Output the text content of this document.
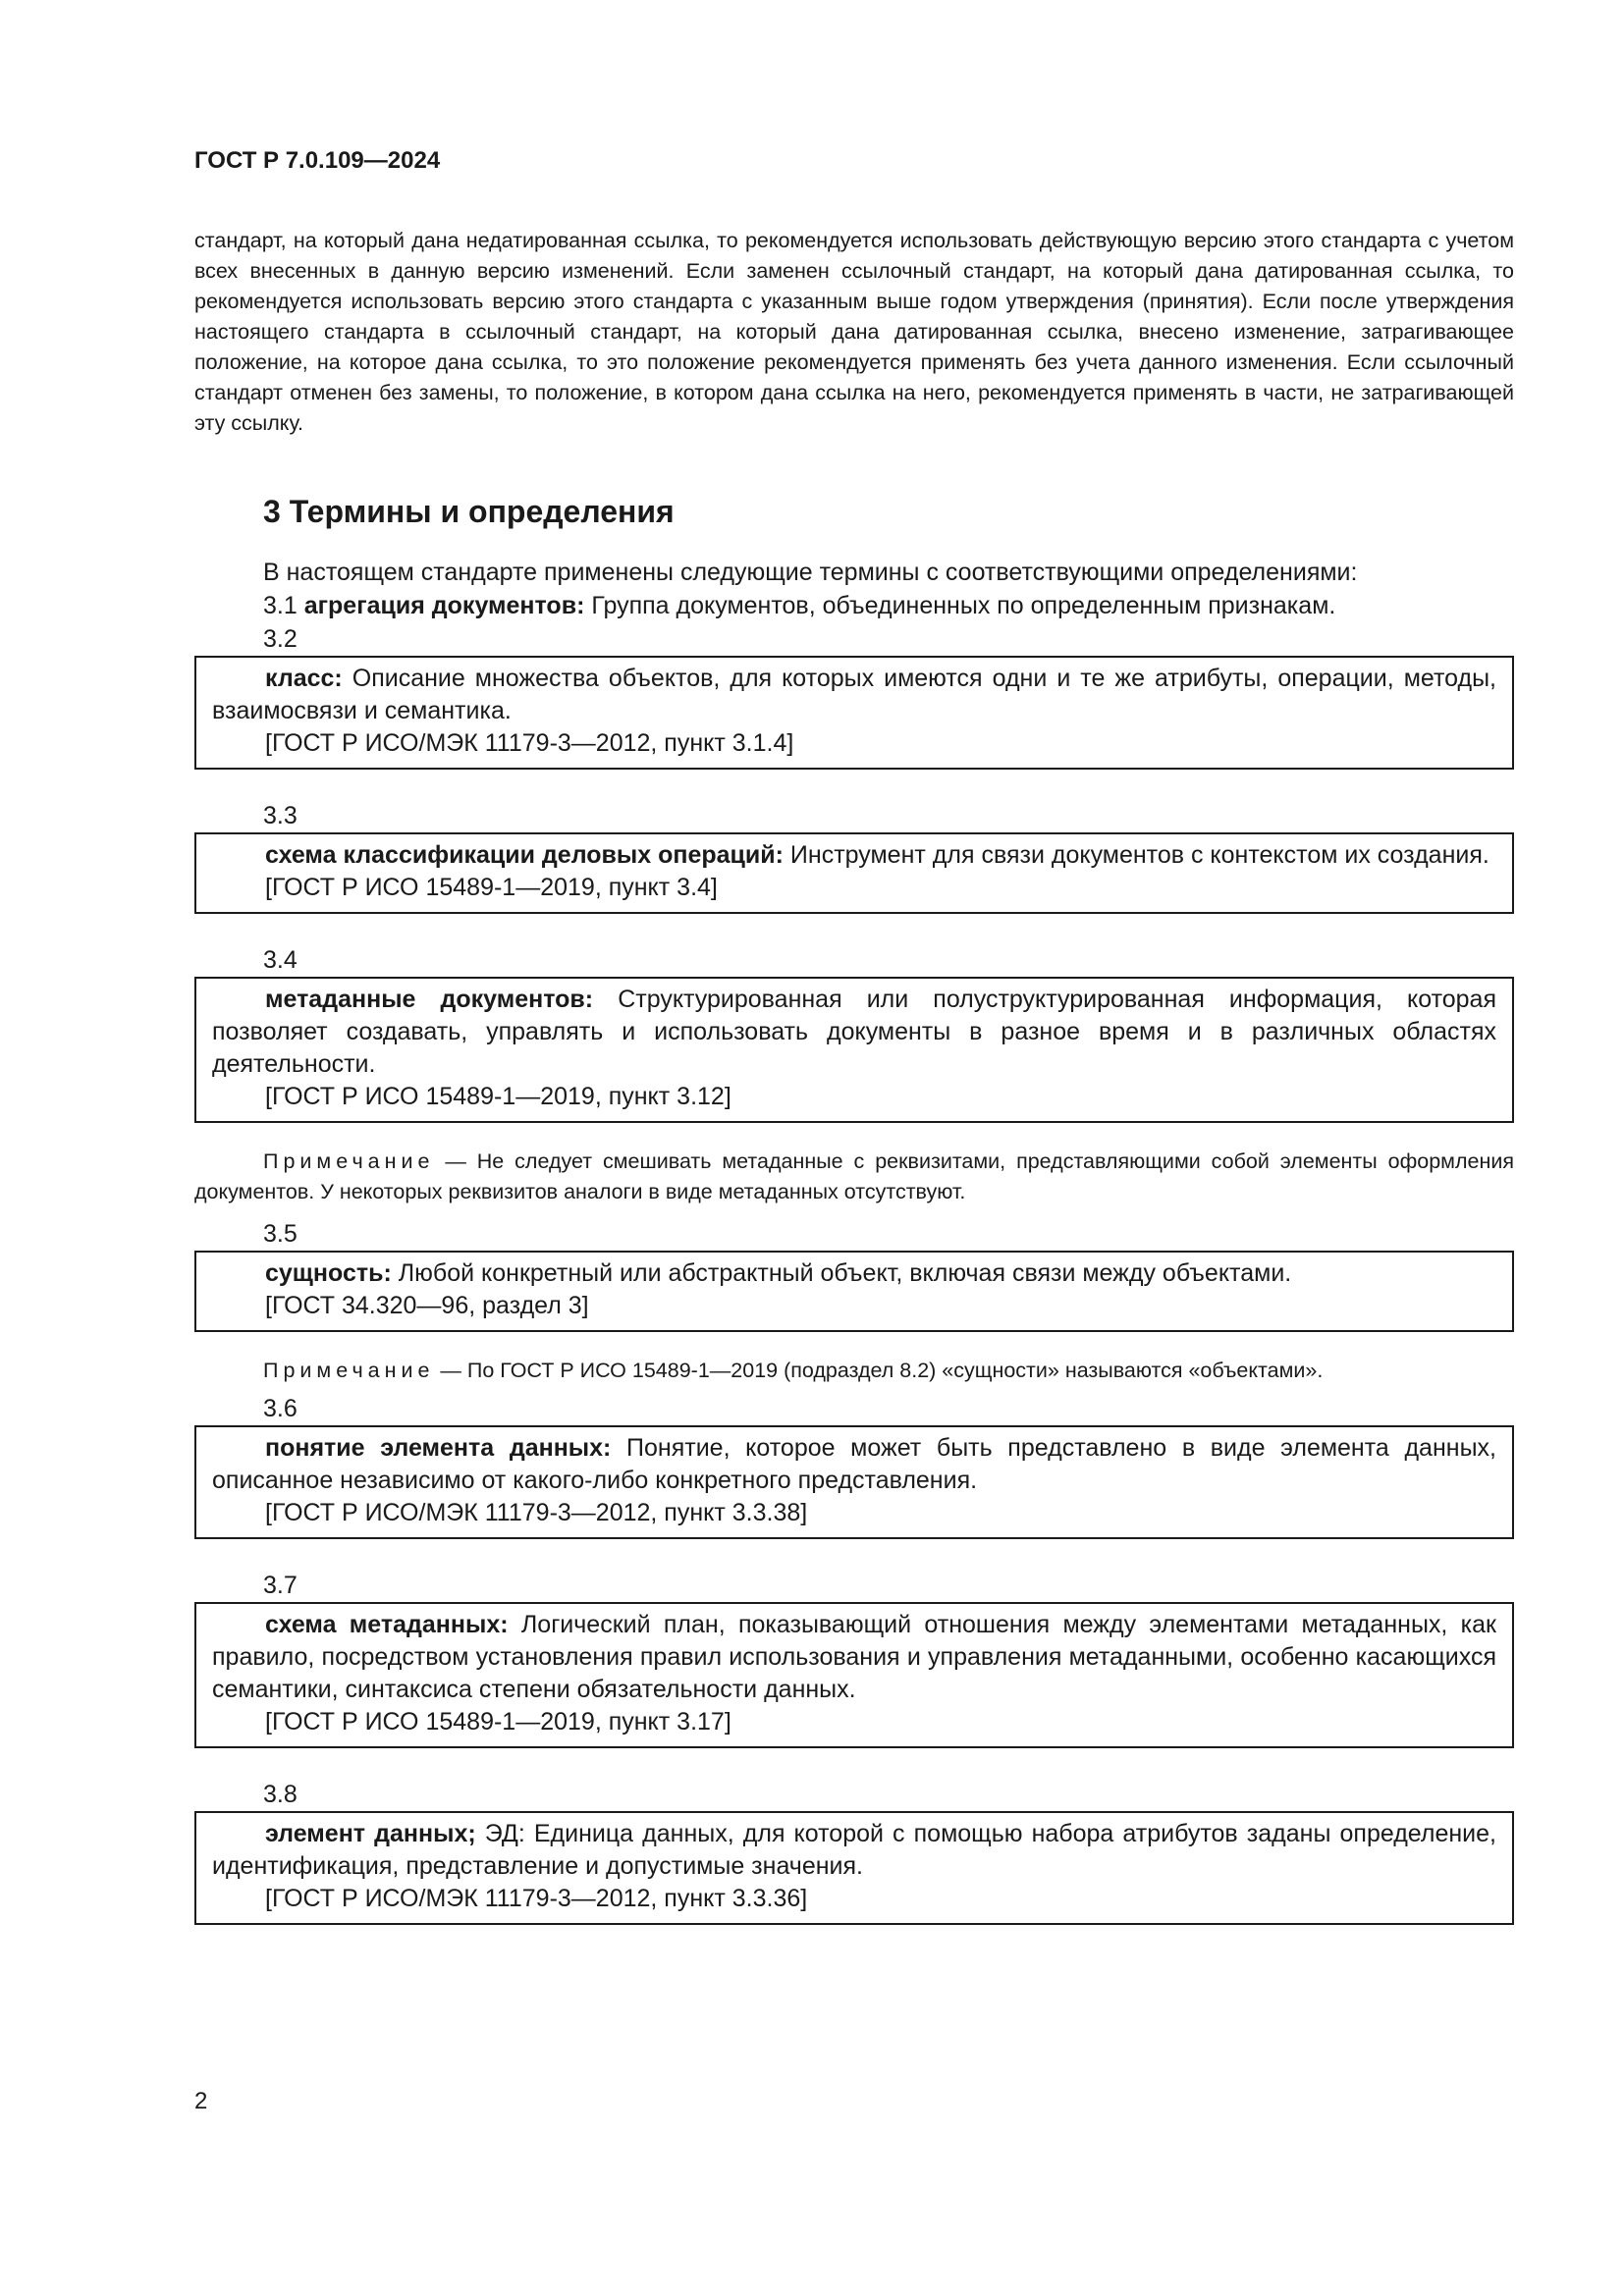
ГОСТ Р 7.0.109—2024

стандарт, на который дана недатированная ссылка, то рекомендуется использовать действующую версию этого стандарта с учетом всех внесенных в данную версию изменений. Если заменен ссылочный стандарт, на который дана датированная ссылка, то рекомендуется использовать версию этого стандарта с указанным выше годом утверждения (принятия). Если после утверждения настоящего стандарта в ссылочный стандарт, на который дана датированная ссылка, внесено изменение, затрагивающее положение, на которое дана ссылка, то это положение рекомендуется применять без учета данного изменения. Если ссылочный стандарт отменен без замены, то положение, в котором дана ссылка на него, рекомендуется применять в части, не затрагивающей эту ссылку.

3 Термины и определения

В настоящем стандарте применены следующие термины с соответствующими определениями:

3.1 агрегация документов: Группа документов, объединенных по определенным признакам.

3.2

класс: Описание множества объектов, для которых имеются одни и те же атрибуты, операции, методы, взаимосвязи и семантика.

[ГОСТ Р ИСО/МЭК 11179-3—2012, пункт 3.1.4]

3.3

схема классификации деловых операций: Инструмент для связи документов с контекстом их создания.

[ГОСТ Р ИСО 15489-1—2019, пункт 3.4]

3.4

метаданные документов: Структурированная или полуструктурированная информация, которая позволяет создавать, управлять и использовать документы в разное время и в различных областях деятельности.

[ГОСТ Р ИСО 15489-1—2019, пункт 3.12]

Примечание — Не следует смешивать метаданные с реквизитами, представляющими собой элементы оформления документов. У некоторых реквизитов аналоги в виде метаданных отсутствуют.

3.5

сущность: Любой конкретный или абстрактный объект, включая связи между объектами.

[ГОСТ 34.320—96, раздел 3]

Примечание — По ГОСТ Р ИСО 15489-1—2019 (подраздел 8.2) «сущности» называются «объектами».

3.6

понятие элемента данных: Понятие, которое может быть представлено в виде элемента данных, описанное независимо от какого-либо конкретного представления.

[ГОСТ Р ИСО/МЭК 11179-3—2012, пункт 3.3.38]

3.7

схема метаданных: Логический план, показывающий отношения между элементами метаданных, как правило, посредством установления правил использования и управления метаданными, особенно касающихся семантики, синтаксиса степени обязательности данных.

[ГОСТ Р ИСО 15489-1—2019, пункт 3.17]

3.8

элемент данных; ЭД: Единица данных, для которой с помощью набора атрибутов заданы определение, идентификация, представление и допустимые значения.

[ГОСТ Р ИСО/МЭК 11179-3—2012, пункт 3.3.36]

2
